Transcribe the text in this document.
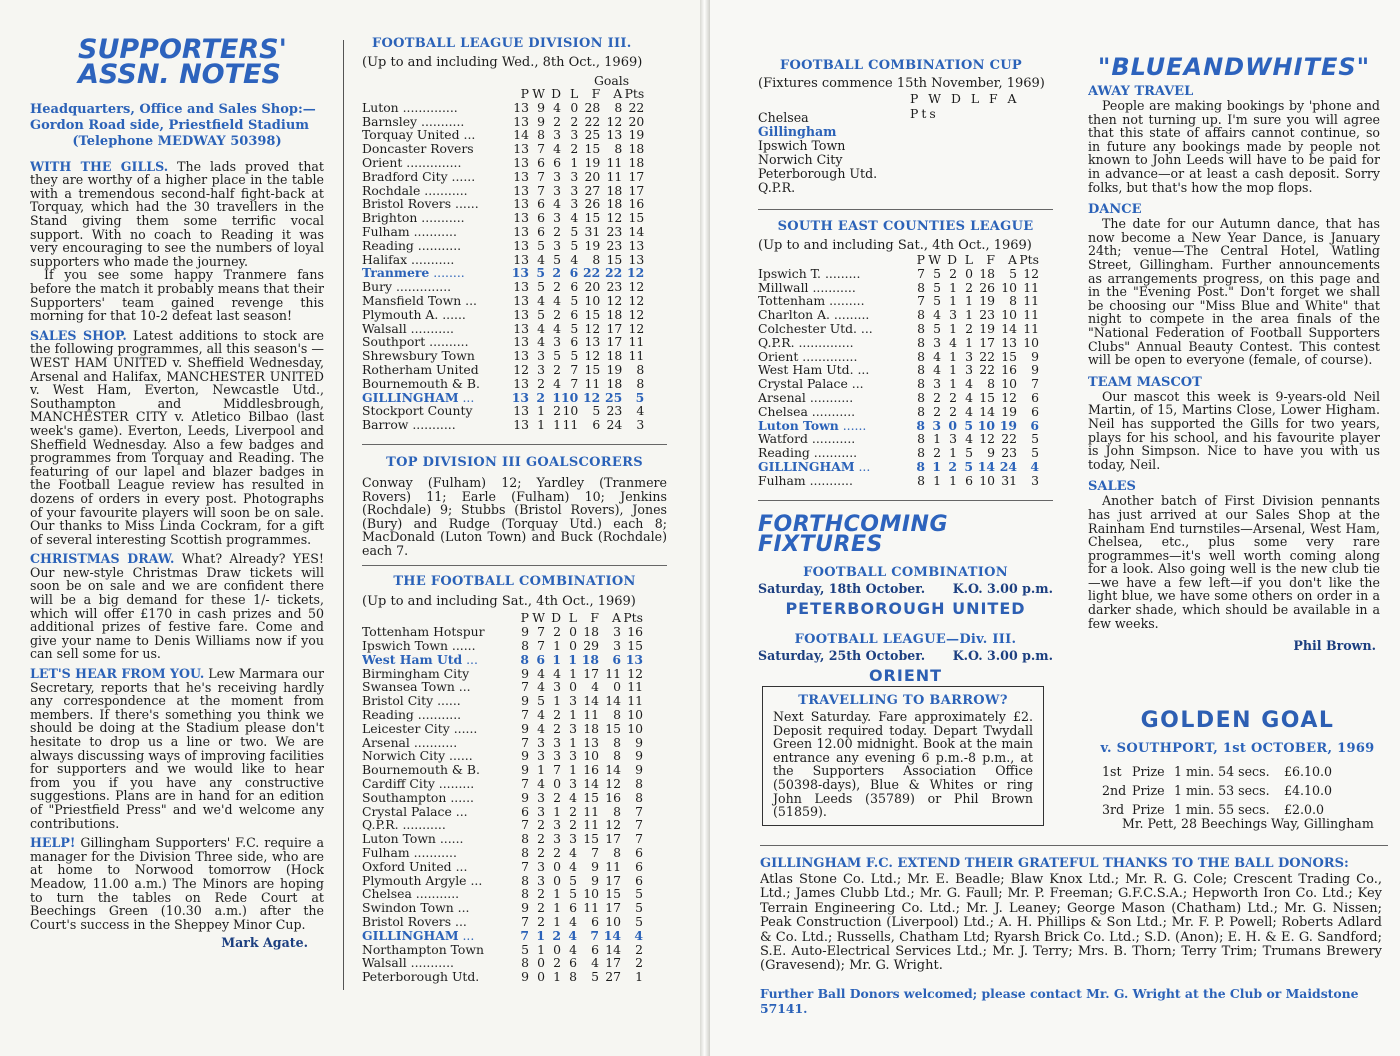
SUPPORTERS'
ASSN. NOTES
Headquarters, Office and Sales Shop:—
Gordon Road side, Priestfield Stadium
(Telephone MEDWAY 50398)
WITH THE GILLS. The lads proved that they are worthy of a higher place in the table with a tremendous second-half fight-back at Torquay, which had the 30 travellers in the Stand giving them some terrific vocal support. With no coach to Reading it was very encouraging to see the numbers of loyal supporters who made the journey.
If you see some happy Tranmere fans before the match it probably means that their Supporters' team gained revenge this morning for that 10-2 defeat last season!
SALES SHOP. Latest additions to stock are the following programmes, all this season's —WEST HAM UNITED v. Sheffield Wednesday, Arsenal and Halifax, MANCHESTER UNITED v. West Ham, Everton, Newcastle Utd., Southampton and Middlesbrough, MANCHESTER CITY v. Atletico Bilbao (last week's game). Everton, Leeds, Liverpool and Sheffield Wednesday. Also a few badges and programmes from Torquay and Reading. The featuring of our lapel and blazer badges in the Football League review has resulted in dozens of orders in every post. Photographs of your favourite players will soon be on sale. Our thanks to Miss Linda Cockram, for a gift of several interesting Scottish programmes.
CHRISTMAS DRAW. What? Already? YES! Our new-style Christmas Draw tickets will soon be on sale and we are confident there will be a big demand for these 1/- tickets, which will offer £170 in cash prizes and 50 additional prizes of festive fare. Come and give your name to Denis Williams now if you can sell some for us.
LET'S HEAR FROM YOU. Lew Marmara our Secretary, reports that he's receiving hardly any correspondence at the moment from members. If there's something you think we should be doing at the Stadium please don't hesitate to drop us a line or two. We are always discussing ways of improving facilities for supporters and we would like to hear from you if you have any constructive suggestions. Plans are in hand for an edition of "Priestfield Press" and we'd welcome any contributions.
HELP! Gillingham Supporters' F.C. require a manager for the Division Three side, who are at home to Norwood tomorrow (Hock Meadow, 11.00 a.m.) The Minors are hoping to turn the tables on Rede Court at Beechings Green (10.30 a.m.) after the Court's success in the Sheppey Minor Cup.
Mark Agate.
FOOTBALL LEAGUE DIVISION III.
(Up to and including Wed., 8th Oct., 1969)
Goals
	P	W	D	L	F	A	Pts
Luton ..............	13	9	4	0	28	8	22
Barnsley ...........	13	9	2	2	22	12	20
Torquay United ...	14	8	3	3	25	13	19
Doncaster Rovers	13	7	4	2	15	8	18
Orient ..............	13	6	6	1	19	11	18
Bradford City ......	13	7	3	3	20	11	17
Rochdale ...........	13	7	3	3	27	18	17
Bristol Rovers ......	13	6	4	3	26	18	16
Brighton ...........	13	6	3	4	15	12	15
Fulham ...........	13	6	2	5	31	23	14
Reading ...........	13	5	3	5	19	23	13
Halifax ...........	13	4	5	4	8	15	13
Tranmere ........	13	5	2	6	22	22	12
Bury ..............	13	5	2	6	20	23	12
Mansfield Town ...	13	4	4	5	10	12	12
Plymouth A. ......	13	5	2	6	15	18	12
Walsall ...........	13	4	4	5	12	17	12
Southport ..........	13	4	3	6	13	17	11
Shrewsbury Town	13	3	5	5	12	18	11
Rotherham United	12	3	2	7	15	19	8
Bournemouth & B.	13	2	4	7	11	18	8
GILLINGHAM ...	13	2	1	10	12	25	5
Stockport County	13	1	2	10	5	23	4
Barrow ...........	13	1	1	11	6	24	3
TOP DIVISION III GOALSCORERS
Conway (Fulham) 12; Yardley (Tranmere Rovers) 11; Earle (Fulham) 10; Jenkins (Rochdale) 9; Stubbs (Bristol Rovers), Jones (Bury) and Rudge (Torquay Utd.) each 8; MacDonald (Luton Town) and Buck (Rochdale) each 7.
THE FOOTBALL COMBINATION
(Up to and including Sat., 4th Oct., 1969)
	P	W	D	L	F	A	Pts
Tottenham Hotspur	9	7	2	0	18	3	16
Ipswich Town ......	8	7	1	0	29	3	15
West Ham Utd ...	8	6	1	1	18	6	13
Birmingham City	9	4	4	1	17	11	12
Swansea Town ...	7	4	3	0	4	0	11
Bristol City ......	9	5	1	3	14	14	11
Reading ...........	7	4	2	1	11	8	10
Leicester City ......	9	4	2	3	18	15	10
Arsenal ...........	7	3	3	1	13	8	9
Norwich City ......	9	3	3	3	10	8	9
Bournemouth & B.	9	1	7	1	16	14	9
Cardiff City .........	7	4	0	3	14	12	8
Southampton ......	9	3	2	4	15	16	8
Crystal Palace ...	6	3	1	2	11	8	7
Q.P.R. ...........	7	2	3	2	11	12	7
Luton Town ......	8	2	3	3	15	17	7
Fulham ...........	8	2	2	4	7	8	6
Oxford United ...	7	3	0	4	9	11	6
Plymouth Argyle ...	8	3	0	5	9	17	6
Chelsea ...........	8	2	1	5	10	15	5
Swindon Town ...	9	2	1	6	11	17	5
Bristol Rovers ...	7	2	1	4	6	10	5
GILLINGHAM ...	7	1	2	4	7	14	4
Northampton Town	5	1	0	4	6	14	2
Walsall ...........	8	0	2	6	4	17	2
Peterborough Utd.	9	0	1	8	5	27	1
FOOTBALL COMBINATION CUP
(Fixtures commence 15th November, 1969)
P W D L F A Pts
Chelsea
Gillingham
Ipswich Town
Norwich City
Peterborough Utd.
Q.P.R.
SOUTH EAST COUNTIES LEAGUE
(Up to and including Sat., 4th Oct., 1969)
	P	W	D	L	F	A	Pts
Ipswich T. .........	7	5	2	0	18	5	12
Millwall ...........	8	5	1	2	26	10	11
Tottenham .........	7	5	1	1	19	8	11
Charlton A. .........	8	4	3	1	23	10	11
Colchester Utd. ...	8	5	1	2	19	14	11
Q.P.R. ..............	8	3	4	1	17	13	10
Orient ..............	8	4	1	3	22	15	9
West Ham Utd. ...	8	4	1	3	22	16	9
Crystal Palace ...	8	3	1	4	8	10	7
Arsenal ...........	8	2	2	4	15	12	6
Chelsea ...........	8	2	2	4	14	19	6
Luton Town ......	8	3	0	5	10	19	6
Watford ...........	8	1	3	4	12	22	5
Reading ...........	8	2	1	5	9	23	5
GILLINGHAM ...	8	1	2	5	14	24	4
Fulham ...........	8	1	1	6	10	31	3
FORTHCOMING FIXTURES
FOOTBALL COMBINATION
Saturday, 18th October. K.O. 3.00 p.m.
PETERBOROUGH UNITED
FOOTBALL LEAGUE—Div. III.
Saturday, 25th October. K.O. 3.00 p.m.
ORIENT
TRAVELLING TO BARROW?
Next Saturday. Fare approximately £2. Deposit required today. Depart Twydall Green 12.00 midnight. Book at the main entrance any evening 6 p.m.-8 p.m., at the Supporters Association Office (50398-days), Blue & Whites or ring John Leeds (35789) or Phil Brown (51859).
"BLUEANDWHITES"
AWAY TRAVEL
People are making bookings by 'phone and then not turning up. I'm sure you will agree that this state of affairs cannot continue, so in future any bookings made by people not known to John Leeds will have to be paid for in advance—or at least a cash deposit. Sorry folks, but that's how the mop flops.
DANCE
The date for our Autumn dance, that has now become a New Year Dance, is January 24th; venue—The Central Hotel, Watling Street, Gillingham. Further announcements as arrangements progress, on this page and in the "Evening Post." Don't forget we shall be choosing our "Miss Blue and White" that night to compete in the area finals of the "National Federation of Football Supporters Clubs" Annual Beauty Contest. This contest will be open to everyone (female, of course).
TEAM MASCOT
Our mascot this week is 9-years-old Neil Martin, of 15, Martins Close, Lower Higham. Neil has supported the Gills for two years, plays for his school, and his favourite player is John Simpson. Nice to have you with us today, Neil.
SALES
Another batch of First Division pennants has just arrived at our Sales Shop at the Rainham End turnstiles—Arsenal, West Ham, Chelsea, etc., plus some very rare programmes—it's well worth coming along for a look. Also going well is the new club tie—we have a few left—if you don't like the light blue, we have some others on order in a darker shade, which should be available in a few weeks.
Phil Brown.
GOLDEN GOAL
v. SOUTHPORT, 1st OCTOBER, 1969
1st Prize 1 min. 54 secs.	£6.10.0
2nd Prize 1 min. 53 secs.	£4.10.0
3rd Prize 1 min. 55 secs.	£2.0.0
Mr. Pett, 28 Beechings Way, Gillingham
GILLINGHAM F.C. EXTEND THEIR GRATEFUL THANKS TO THE BALL DONORS:
Atlas Stone Co. Ltd.; Mr. E. Beadle; Blaw Knox Ltd.; Mr. R. G. Cole; Crescent Trading Co., Ltd.; James Clubb Ltd.; Mr. G. Faull; Mr. P. Freeman; G.F.C.S.A.; Hepworth Iron Co. Ltd.; Key Terrain Engineering Co. Ltd.; Mr. J. Leaney; George Mason (Chatham) Ltd.; Mr. G. Nissen; Peak Construction (Liverpool) Ltd.; A. H. Phillips & Son Ltd.; Mr. F. P. Powell; Roberts Adlard & Co. Ltd.; Russells, Chatham Ltd; Ryarsh Brick Co. Ltd.; S.D. (Anon); E. H. & E. G. Sandford; S.E. Auto-Electrical Services Ltd.; Mr. J. Terry; Mrs. B. Thorn; Terry Trim; Trumans Brewery (Gravesend); Mr. G. Wright.
Further Ball Donors welcomed; please contact Mr. G. Wright at the Club or Maidstone 57141.
